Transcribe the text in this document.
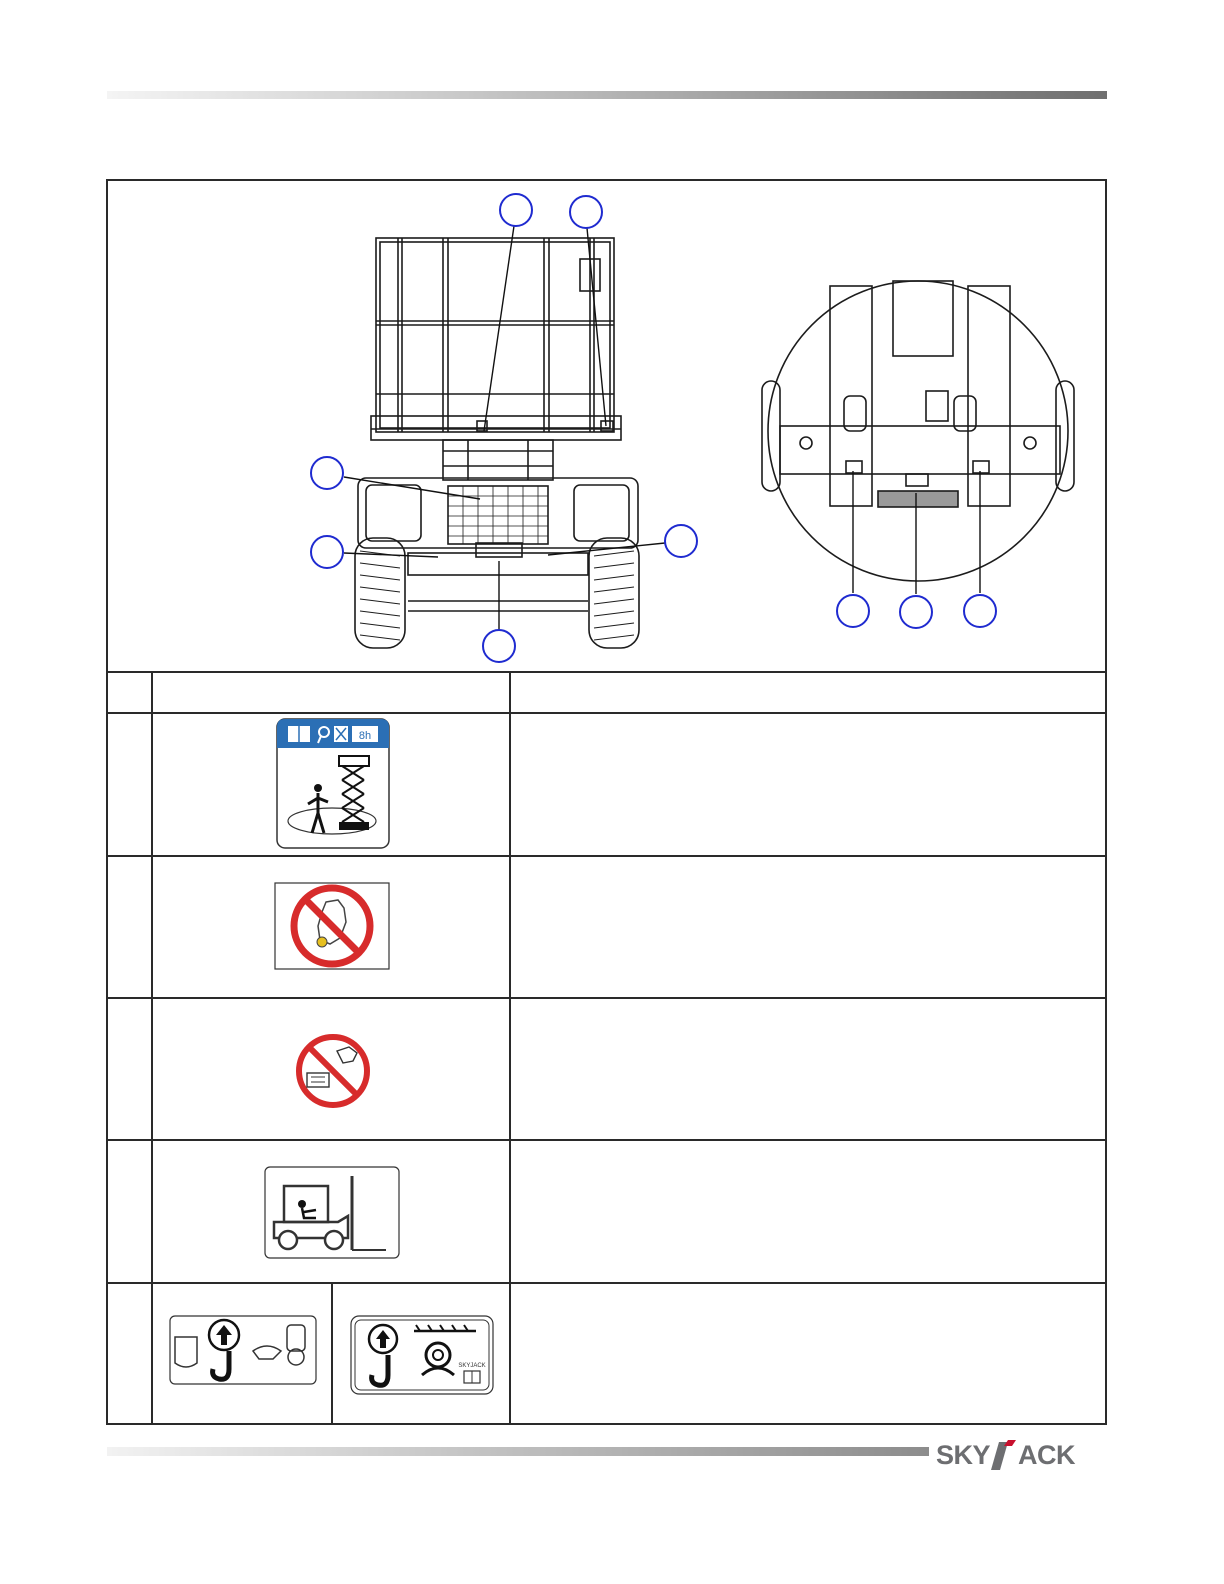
8h
SKYJACK
SKY ACK
